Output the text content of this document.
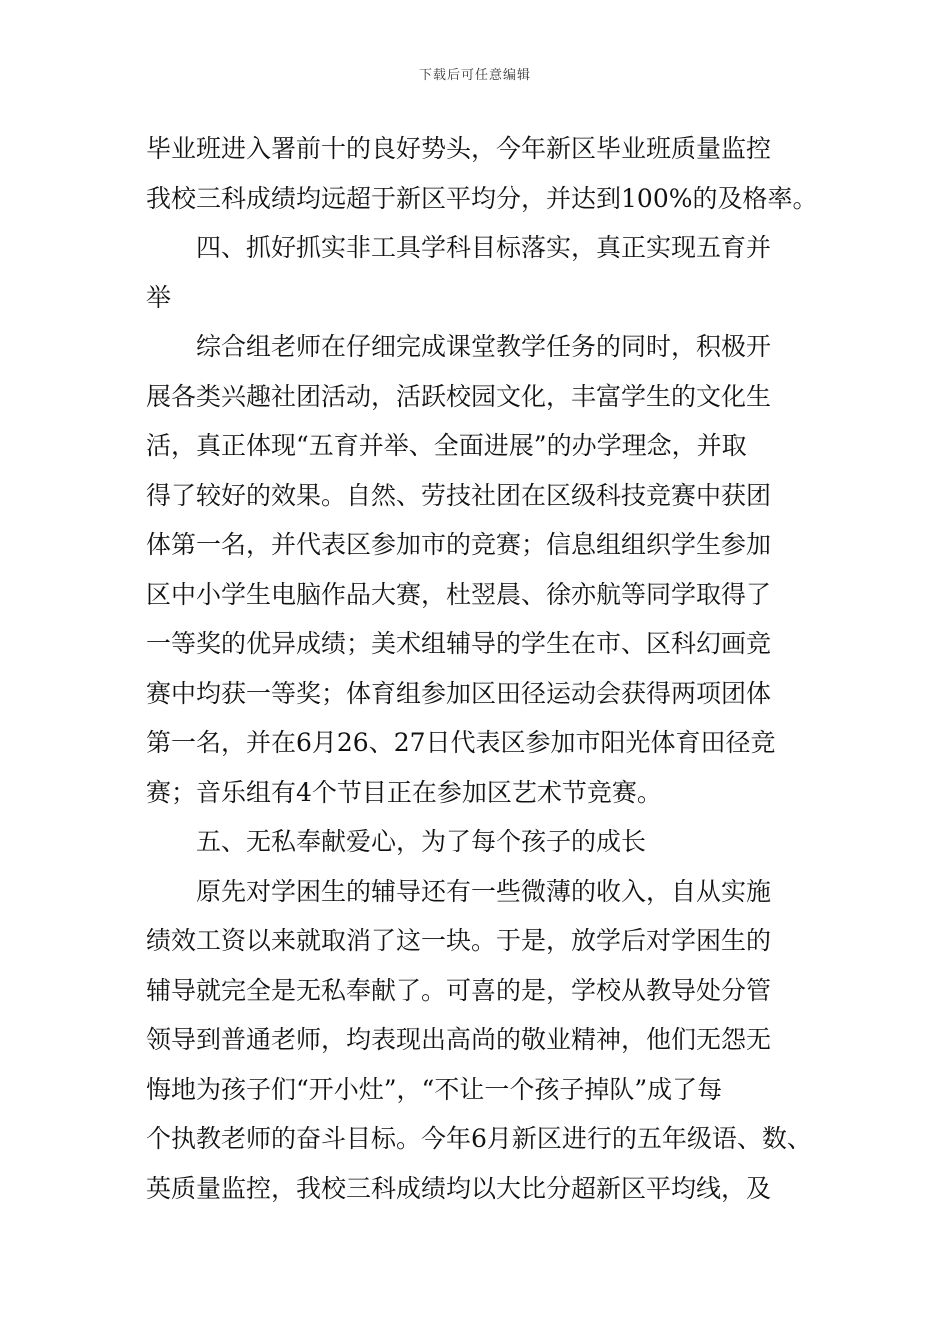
下载后可任意编辑
毕业班进入署前十的良好势头，今年新区毕业班质量监控
我校三科成绩均远超于新区平均分，并达到100%的及格率。
四、抓好抓实非工具学科目标落实，真正实现五育并
举
综合组老师在仔细完成课堂教学任务的同时，积极开
展各类兴趣社团活动，活跃校园文化，丰富学生的文化生
活，真正体现“五育并举、全面进展”的办学理念，并取
得了较好的效果。自然、劳技社团在区级科技竞赛中获团
体第一名，并代表区参加市的竞赛；信息组组织学生参加
区中小学生电脑作品大赛，杜翌晨、徐亦航等同学取得了
一等奖的优异成绩；美术组辅导的学生在市、区科幻画竞
赛中均获一等奖；体育组参加区田径运动会获得两项团体
第一名，并在6月26、27日代表区参加市阳光体育田径竞
赛；音乐组有4个节目正在参加区艺术节竞赛。
五、无私奉献爱心，为了每个孩子的成长
原先对学困生的辅导还有一些微薄的收入，自从实施
绩效工资以来就取消了这一块。于是，放学后对学困生的
辅导就完全是无私奉献了。可喜的是，学校从教导处分管
领导到普通老师，均表现出高尚的敬业精神，他们无怨无
悔地为孩子们“开小灶”，“不让一个孩子掉队”成了每
个执教老师的奋斗目标。今年6月新区进行的五年级语、数、
英质量监控，我校三科成绩均以大比分超新区平均线，及
